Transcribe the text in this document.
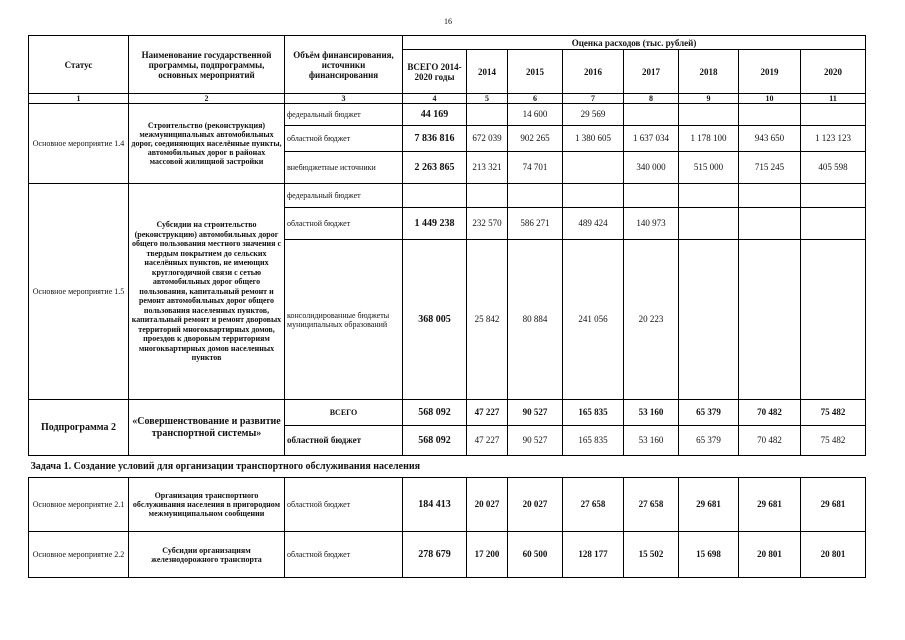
16
Статус	Наименование государственной программы, подпрограммы, основных мероприятий	Объём финансирования, источники финансирования	Оценка расходов (тыс. рублей)							
			ВСЕГО 2014-2020 годы	2014	2015	2016	2017	2018	2019	2020
1	2	3	4	5	6	7	8	9	10	11
Основное мероприятие 1.4	Строительство (реконструкция) межмуниципальных автомобильных дорог, соединяющих населённые пункты, автомобильных дорог в районах массовой жилищной застройки	федеральный бюджет	44 169		14 600	29 569				
		областной бюджет	7 836 816	672 039	902 265	1 380 605	1 637 034	1 178 100	943 650	1 123 123
		внебюджетные источники	2 263 865	213 321	74 701		340 000	515 000	715 245	405 598
Основное мероприятие 1.5	Субсидии на строительство (реконструкцию) автомобильных дорог общего пользования местного значения с твердым покрытием до сельских населённых пунктов, не имеющих круглогодичной связи с сетью автомобильных дорог общего пользования, капитальный ремонт и ремонт автомобильных дорог общего пользования населенных пунктов, капитальный ремонт и ремонт дворовых территорий многоквартирных домов, проездов к дворовым территориям многоквартирных домов населенных пунктов	федеральный бюджет								
		областной бюджет	1 449 238	232 570	586 271	489 424	140 973			
		консолидированные бюджеты муниципальных образований	368 005	25 842	80 884	241 056	20 223			
Подпрограмма 2	«Совершенствование и развитие транспортной системы»	ВСЕГО	568 092	47 227	90 527	165 835	53 160	65 379	70 482	75 482
		областной бюджет	568 092	47 227	90 527	165 835	53 160	65 379	70 482	75 482
Задача 1. Создание условий для организации транспортного обслуживания населения										
Основное мероприятие 2.1	Организация транспортного обслуживания населения в пригородном межмуниципальном сообщении	областной бюджет	184 413	20 027	20 027	27 658	27 658	29 681	29 681	29 681
Основное мероприятие 2.2	Субсидии организациям железнодорожного транспорта	областной бюджет	278 679	17 200	60 500	128 177	15 502	15 698	20 801	20 801
